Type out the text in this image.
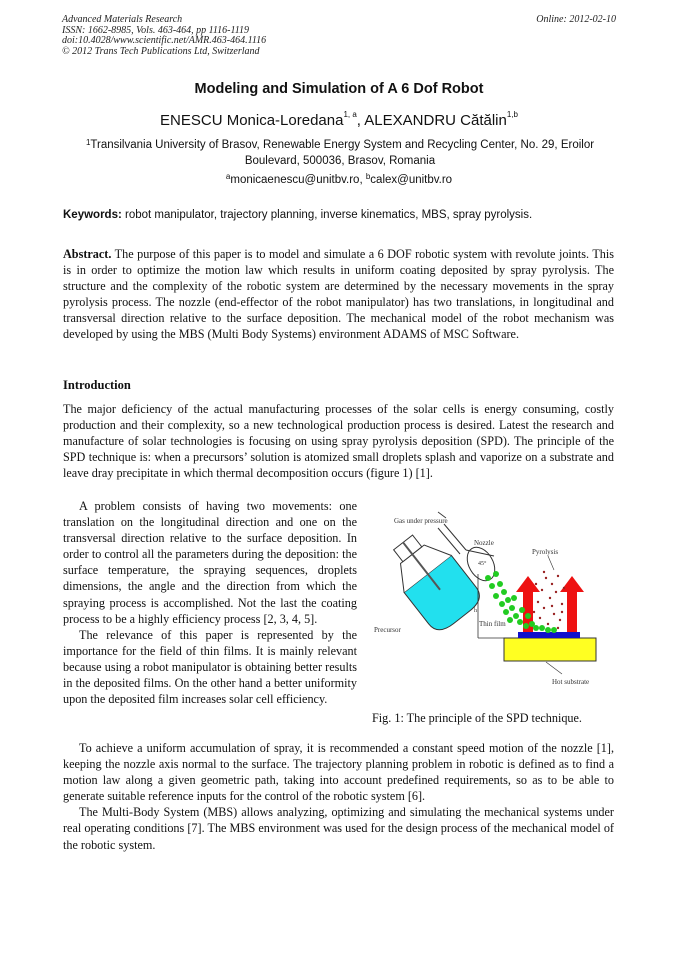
Advanced Materials Research
ISSN: 1662-8985, Vols. 463-464, pp 1116-1119
doi:10.4028/www.scientific.net/AMR.463-464.1116
© 2012 Trans Tech Publications Ltd, Switzerland
Online: 2012-02-10
Modeling and Simulation of A 6 Dof Robot
ENESCU Monica-Loredana$^{1, a}$, ALEXANDRU Cătălin$^{1,b}$
$^1$Transilvania University of Brasov, Renewable Energy System and Recycling Center, No. 29, Eroilor Boulevard, 500036, Brasov, Romania
$^a$monicaenescu@unitbv.ro, $^b$calex@unitbv.ro
Keywords: robot manipulator, trajectory planning, inverse kinematics, MBS, spray pyrolysis.
Abstract. The purpose of this paper is to model and simulate a 6 DOF robotic system with revolute joints. This is in order to optimize the motion law which results in uniform coating deposited by spray pyrolysis. The structure and the complexity of the robotic system are determined by the necessary movements in the spray pyrolysis process. The nozzle (end-effector of the robot manipulator) has two translations, in longitudinal and transversal direction relative to the surface deposition. The mechanical model of the robot mechanism was developed by using the MBS (Multi Body Systems) environment ADAMS of MSC Software.
Introduction
The major deficiency of the actual manufacturing processes of the solar cells is energy consuming, costly production and their complexity, so a new technological production process is desired. Latest the research and manufacture of solar technologies is focusing on using spray pyrolysis deposition (SPD). The principle of the SPD technique is: when a precursors’ solution is atomized small droplets splash and vaporize on a substrate and leave dray precipitate in which thermal decomposition occurs (figure 1) [1].
A problem consists of having two movements: one translation on the longitudinal direction and one on the transversal direction relative to the surface deposition. In order to control all the parameters during the deposition: the surface temperature, the spraying sequences, droplets dimensions, the angle and the direction from which the spraying process is accomplished. Not the last the coating process to be a highly efficiency process [2, 3, 4, 5].
The relevance of this paper is represented by the importance for the field of thin films. It is mainly relevant because using a robot manipulator is obtaining better results in the deposited films. On the other hand a better uniformity upon the deposited film increases solar cell efficiency.
Gas under pressure
Nozzle
45°
Pyrolysis
Precursor
Thin film
h
Hot substrate
Fig. 1: The principle of the SPD technique.
To achieve a uniform accumulation of spray, it is recommended a constant speed motion of the nozzle [1], keeping the nozzle axis normal to the surface. The trajectory planning problem in robotic is defined as to find a motion law along a given geometric path, taking into account predefined requirements, so as to be able to generate suitable reference inputs for the control of the robotic system [6].
The Multi-Body System (MBS) allows analyzing, optimizing and simulating the mechanical systems under real operating conditions [7]. The MBS environment was used for the design process of the mechanical model of the robotic system.
